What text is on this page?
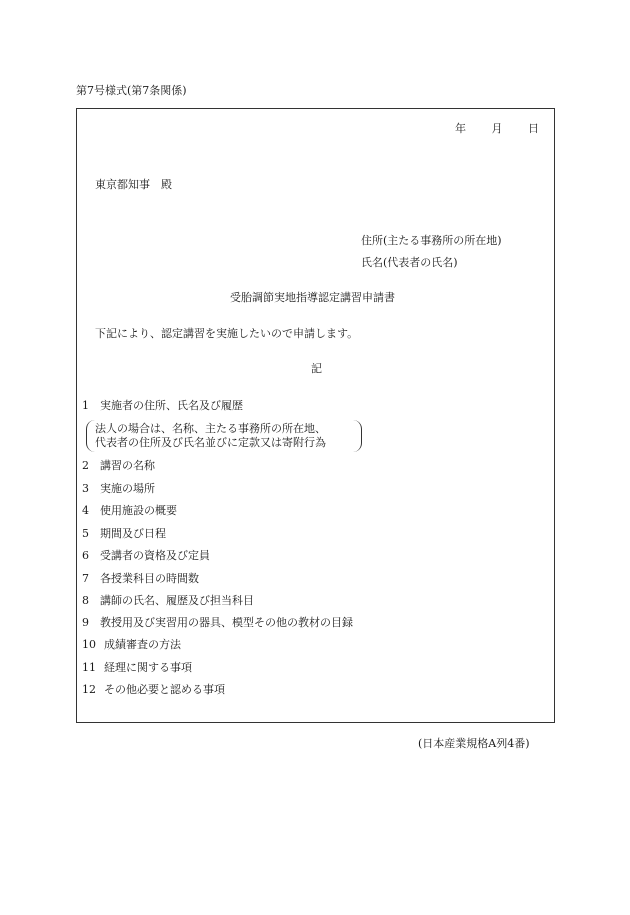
第7号様式(第7条関係)
年 月 日
東京都知事　殿
住所(主たる事務所の所在地)
氏名(代表者の氏名)
受胎調節実地指導認定講習申請書
下記により、認定講習を実施したいので申請します。
記
1 実施者の住所、氏名及び履歴
2 講習の名称
3 実施の場所
4 使用施設の概要
5 期間及び日程
6 受講者の資格及び定員
7 各授業科目の時間数
8 講師の氏名、履歴及び担当科目
9 教授用及び実習用の器具、模型その他の教材の目録
10 成績審査の方法
11 経理に関する事項
12 その他必要と認める事項
法人の場合は、名称、主たる事務所の所在地、
代表者の住所及び氏名並びに定款又は寄附行為
(日本産業規格A列4番)
